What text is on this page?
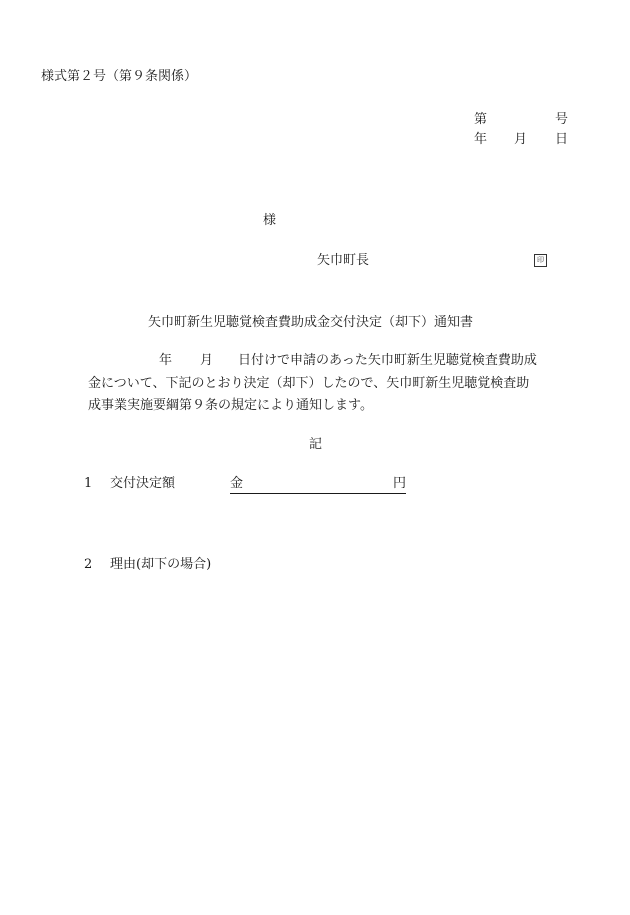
様式第２号（第９条関係）
第	号
年 月 日
様
矢巾町長	印
矢巾町新生児聴覚検査費助成金交付決定（却下）通知書
年 月 日付けで申請のあった矢巾町新生児聴覚検査費助成
金について、下記のとおり決定（却下）したので、矢巾町新生児聴覚検査助
成事業実施要綱第９条の規定により通知します。
記
1 交付決定額	金	円
2 理由(却下の場合)
